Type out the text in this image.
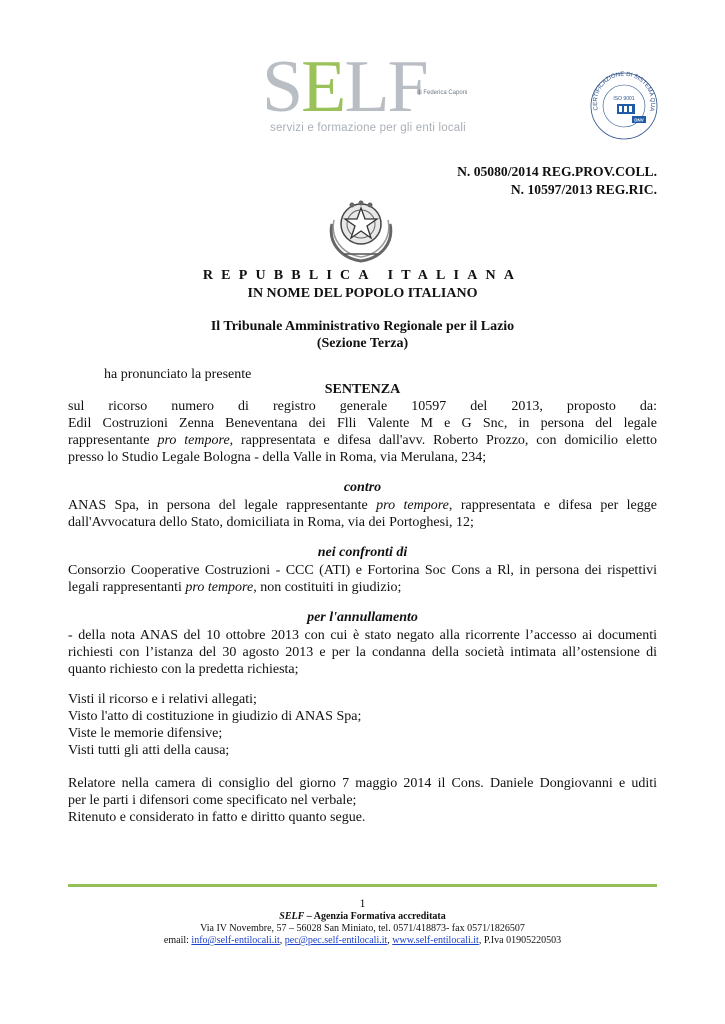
SELF
di Federica Caponi
servizi e formazione per gli enti locali
CERTIFICAZIONE DI SISTEMA QUA
ISO 9001
DNV
N. 05080/2014 REG.PROV.COLL.
N. 10597/2013 REG.RIC.
REPUBBLICA ITALIANA
IN NOME DEL POPOLO ITALIANO
Il Tribunale Amministrativo Regionale per il Lazio
(Sezione Terza)
ha pronunciato la presente
SENTENZA
sul ricorso numero di registro generale 10597 del 2013, proposto da:
Edil Costruzioni Zenna Beneventana dei Flli Valente M e G Snc, in persona del legale
rappresentante pro tempore, rappresentata e difesa dall'avv. Roberto Prozzo, con domicilio eletto
presso lo Studio Legale Bologna - della Valle in Roma, via Merulana, 234;
contro
ANAS Spa, in persona del legale rappresentante pro tempore, rappresentata e difesa per legge
dall'Avvocatura dello Stato, domiciliata in Roma, via dei Portoghesi, 12;
nei confronti di
Consorzio Cooperative Costruzioni - CCC (ATI) e Fortorina Soc Cons a Rl, in persona dei rispettivi
legali rappresentanti pro tempore, non costituiti in giudizio;
per l'annullamento
- della nota ANAS del 10 ottobre 2013 con cui è stato negato alla ricorrente l’accesso ai documenti
richiesti con l’istanza del 30 agosto 2013 e per la condanna della società intimata all’ostensione di
quanto richiesto con la predetta richiesta;
Visti il ricorso e i relativi allegati;
Visto l'atto di costituzione in giudizio di ANAS Spa;
Viste le memorie difensive;
Visti tutti gli atti della causa;
Relatore nella camera di consiglio del giorno 7 maggio 2014 il Cons. Daniele Dongiovanni e uditi
per le parti i difensori come specificato nel verbale;
Ritenuto e considerato in fatto e diritto quanto segue.
1
SELF – Agenzia Formativa accreditata
Via IV Novembre, 57 – 56028 San Miniato, tel. 0571/418873- fax 0571/1826507
email: info@self-entilocali.it, pec@pec.self-entilocali.it, www.self-entilocali.it, P.Iva 01905220503
